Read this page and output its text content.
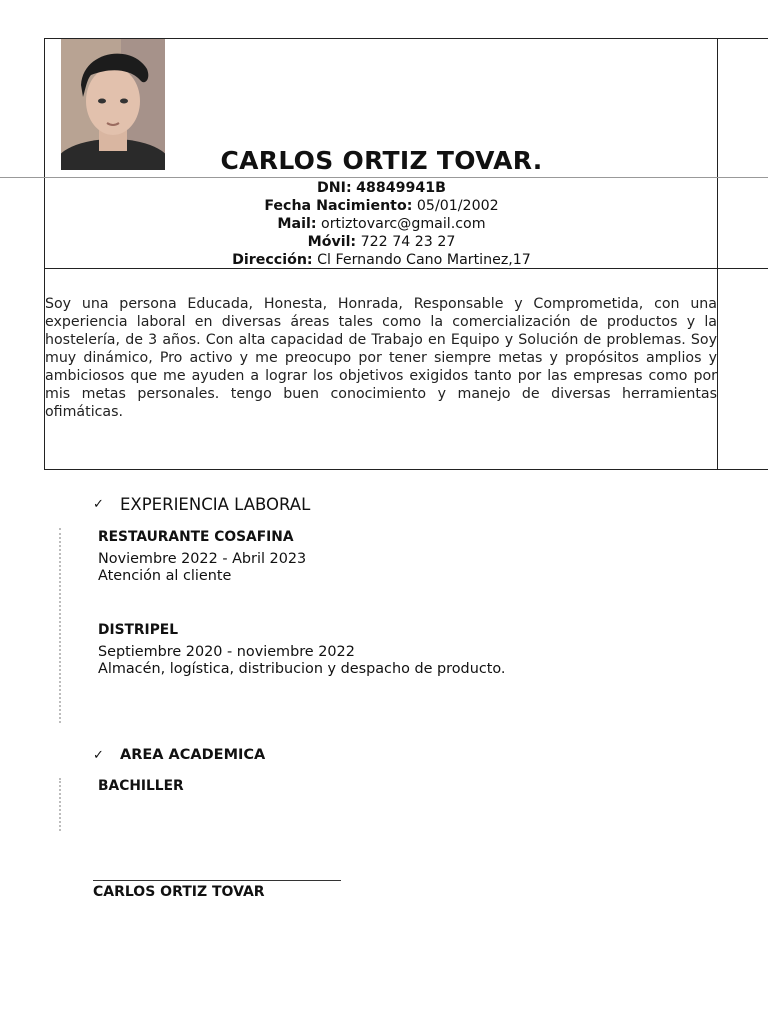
CARLOS ORTIZ TOVAR.
DNI: 48849941B
Fecha Nacimiento: 05/01/2002
Mail: ortiztovarc@gmail.com
Móvil: 722 74 23 27
Dirección: Cl Fernando Cano Martinez,17
Soy una persona Educada, Honesta, Honrada, Responsable y Comprometida, con una experiencia laboral en diversas áreas tales como la comercialización de productos y la hostelería, de 3 años. Con alta capacidad de Trabajo en Equipo y Solución de problemas. Soy muy dinámico, Pro activo y me preocupo por tener siempre metas y propósitos amplios y ambiciosos que me ayuden a lograr los objetivos exigidos tanto por las empresas como por mis metas personales. tengo buen conocimiento y manejo de diversas herramientas ofimáticas.
✓ EXPERIENCIA LABORAL
RESTAURANTE COSAFINA
Noviembre 2022 - Abril 2023
Atención al cliente
DISTRIPEL
Septiembre 2020 - noviembre 2022
Almacén, logística, distribucion y despacho de producto.
✓	AREA ACADEMICA
BACHILLER
CARLOS ORTIZ TOVAR
